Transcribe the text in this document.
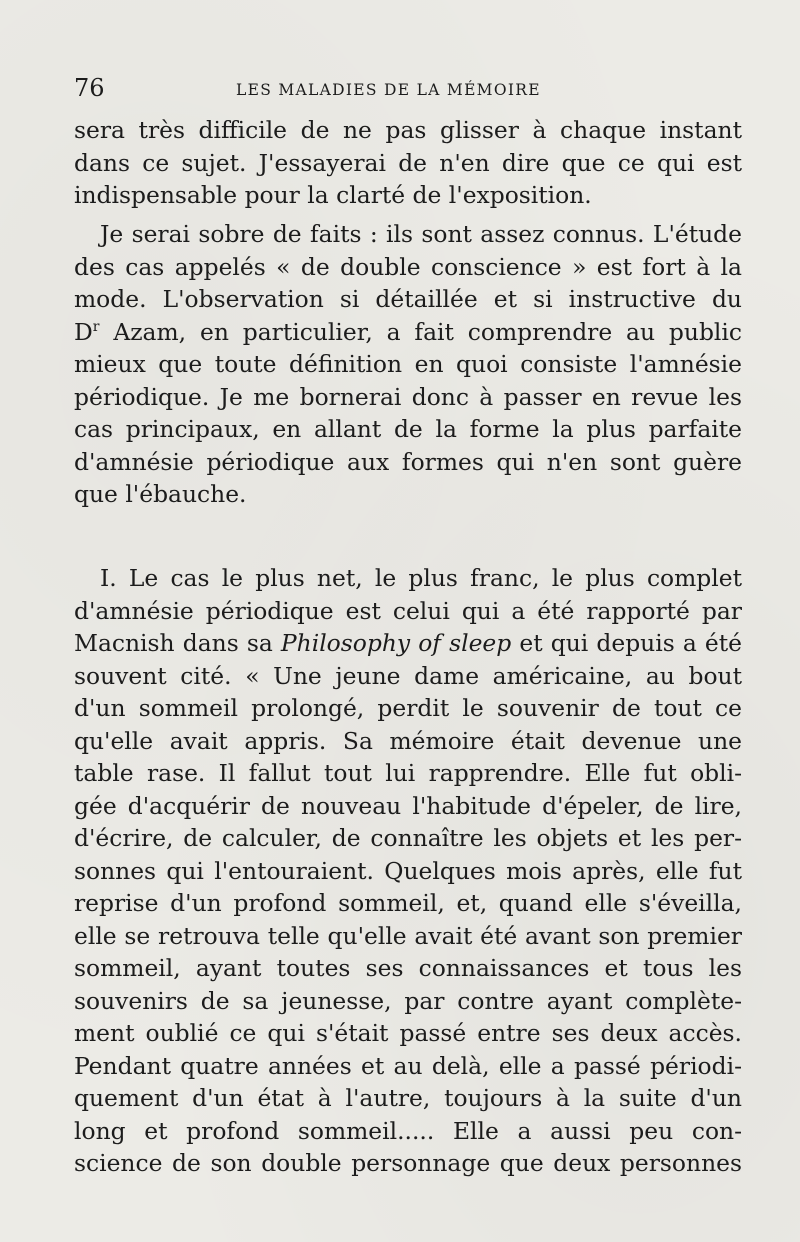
76	LES MALADIES DE LA MÉMOIRE
sera très difficile de ne pas glisser à chaque instant
dans ce sujet. J'essayerai de n'en dire que ce qui est
indispensable pour la clarté de l'exposition.
Je serai sobre de faits : ils sont assez connus. L'étude
des cas appelés « de double conscience » est fort à la
mode. L'observation si détaillée et si instructive du
$D^r$ Azam, en particulier, a fait comprendre au public
mieux que toute définition en quoi consiste l'amnésie
périodique. Je me bornerai donc à passer en revue les
cas principaux, en allant de la forme la plus parfaite
d'amnésie périodique aux formes qui n'en sont guère
que l'ébauche.
I. Le cas le plus net, le plus franc, le plus complet
d'amnésie périodique est celui qui a été rapporté par
Macnish dans sa Philosophy of sleep et qui depuis a été
souvent cité. « Une jeune dame américaine, au bout
d'un sommeil prolongé, perdit le souvenir de tout ce
qu'elle avait appris. Sa mémoire était devenue une
table rase. Il fallut tout lui rapprendre. Elle fut obli-
gée d'acquérir de nouveau l'habitude d'épeler, de lire,
d'écrire, de calculer, de connaître les objets et les per-
sonnes qui l'entouraient. Quelques mois après, elle fut
reprise d'un profond sommeil, et, quand elle s'éveilla,
elle se retrouva telle qu'elle avait été avant son premier
sommeil, ayant toutes ses connaissances et tous les
souvenirs de sa jeunesse, par contre ayant complète-
ment oublié ce qui s'était passé entre ses deux accès.
Pendant quatre années et au delà, elle a passé périodi-
quement d'un état à l'autre, toujours à la suite d'un
long et profond sommeil..... Elle a aussi peu con-
science de son double personnage que deux personnes
